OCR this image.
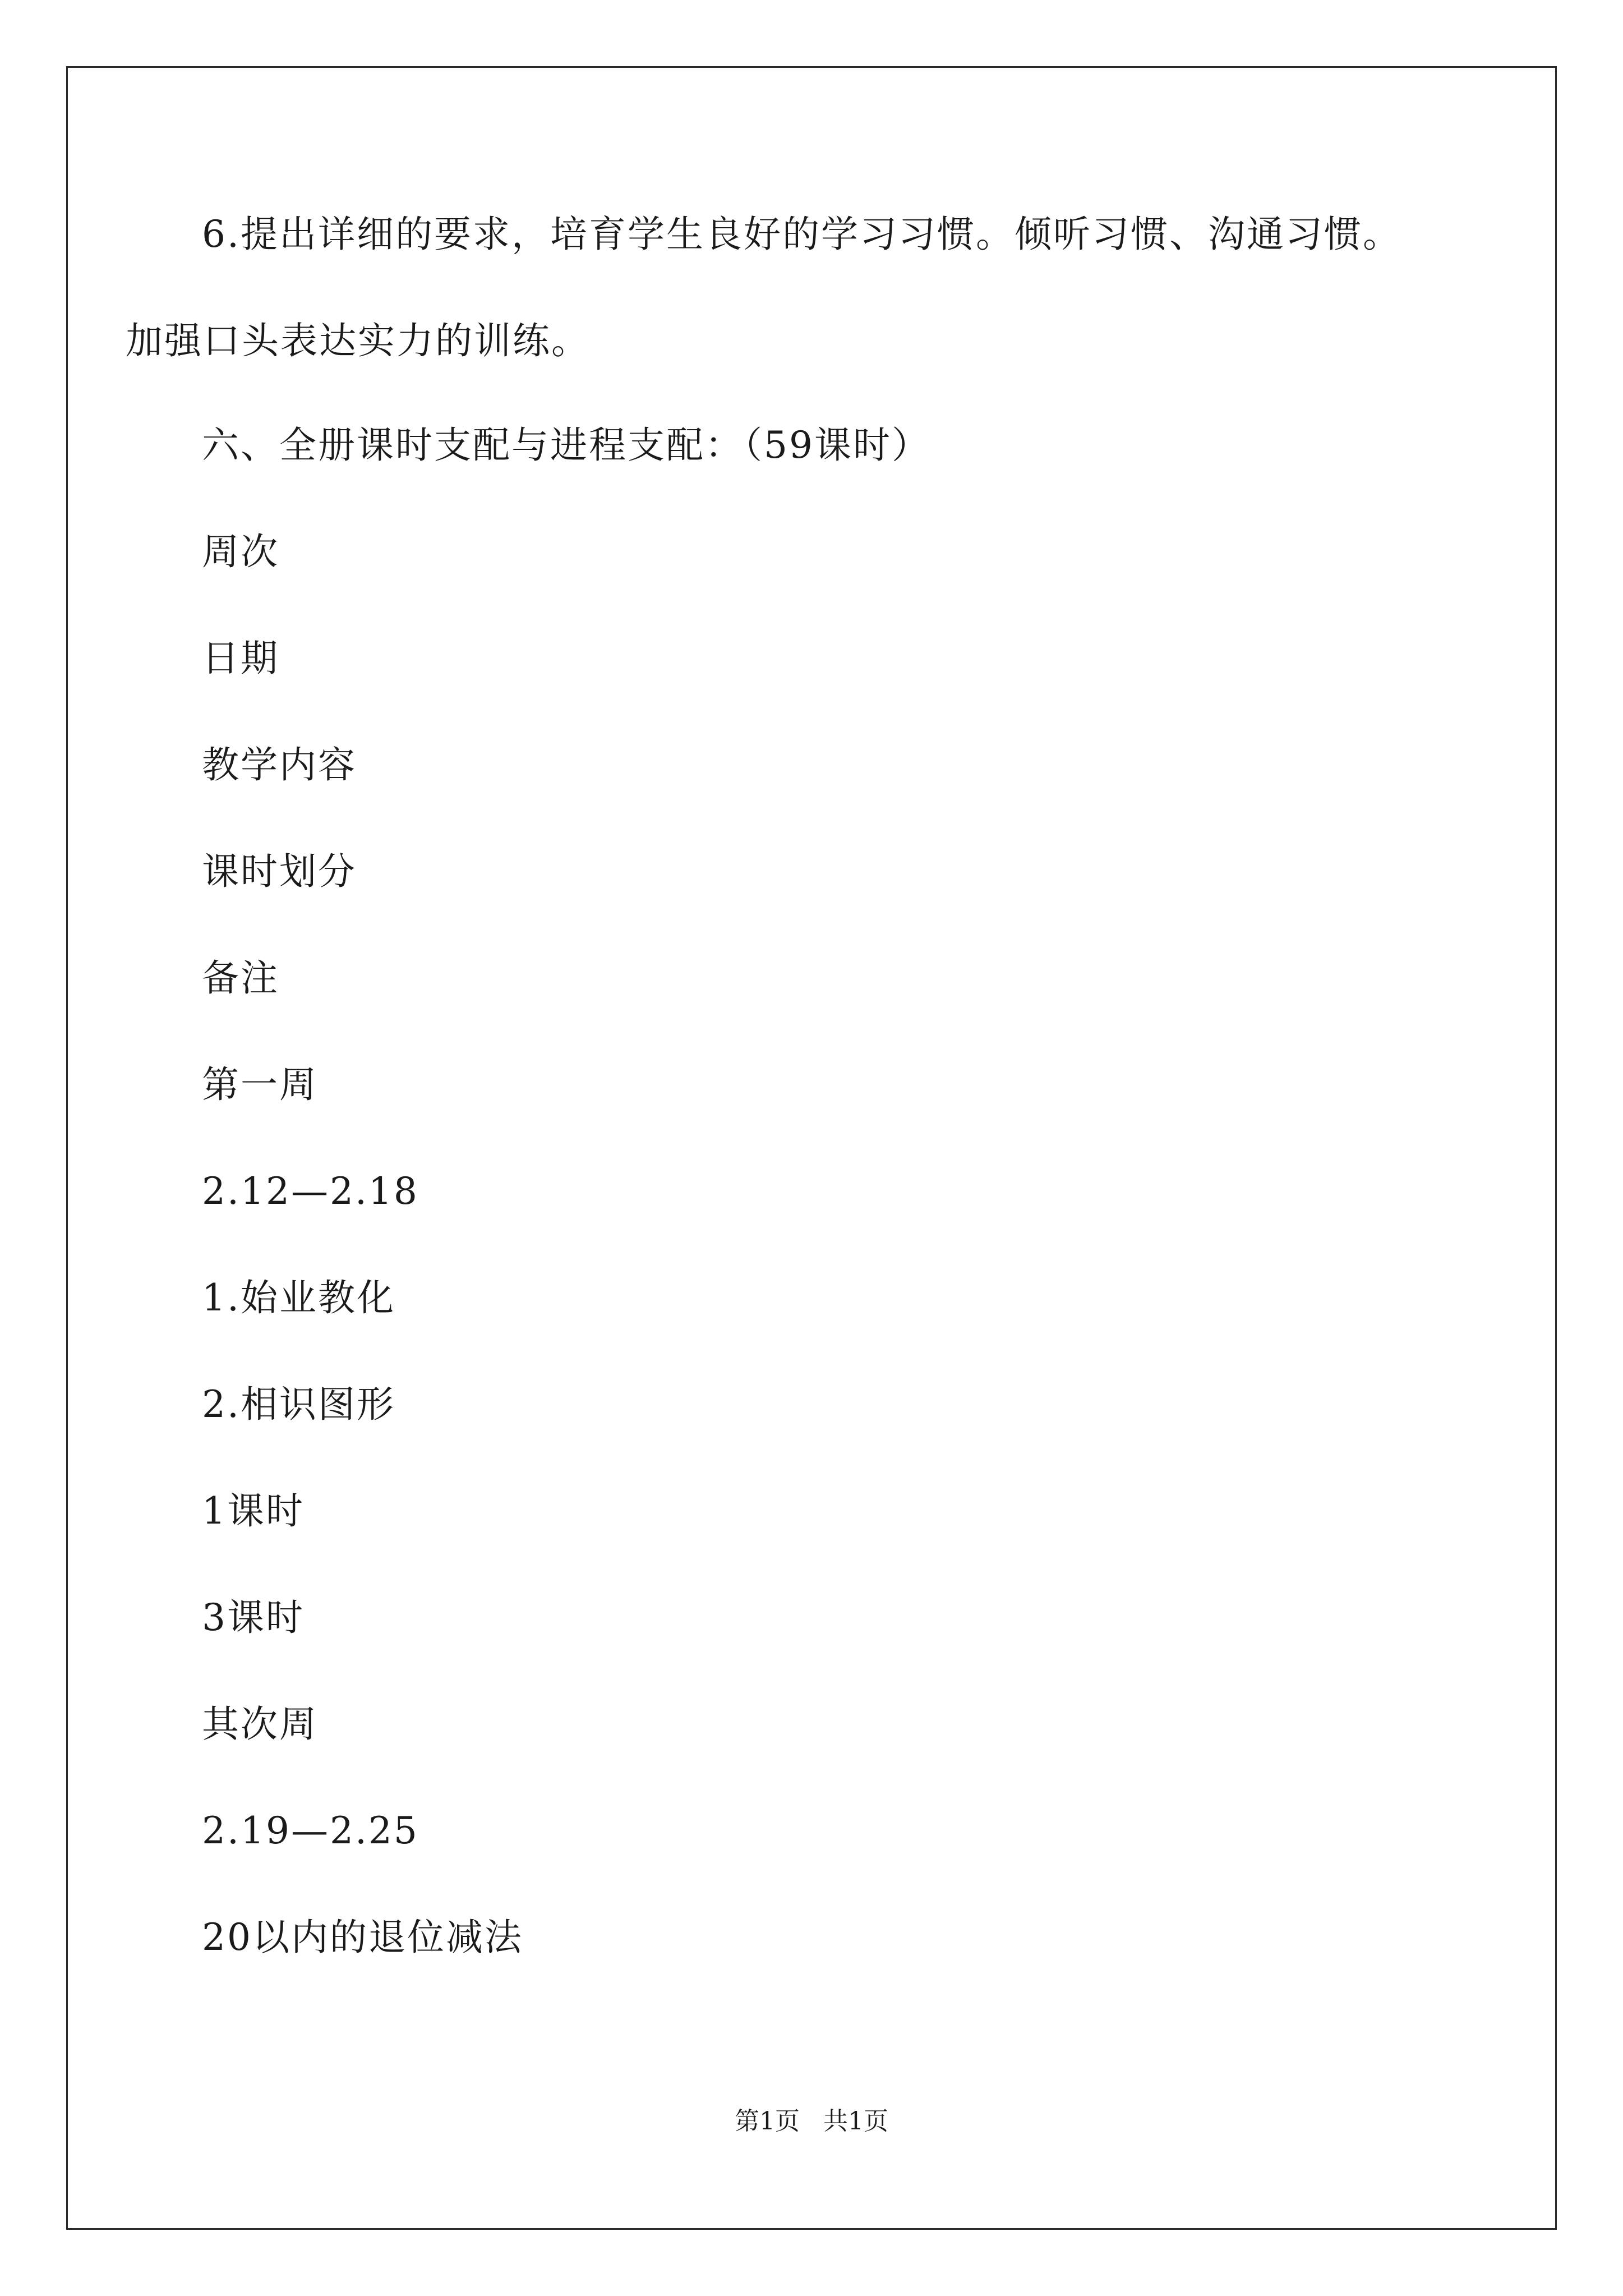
6.提出详细的要求，培育学生良好的学习习惯。倾听习惯、沟通习惯。加强口头表达实力的训练。

六、全册课时支配与进程支配：（59课时）

周次

日期

教学内容

课时划分

备注

第一周

2.12—2.18

1.始业教化

2.相识图形

1课时

3课时

其次周

2.19—2.25

20以内的退位减法

第1页 共1页
